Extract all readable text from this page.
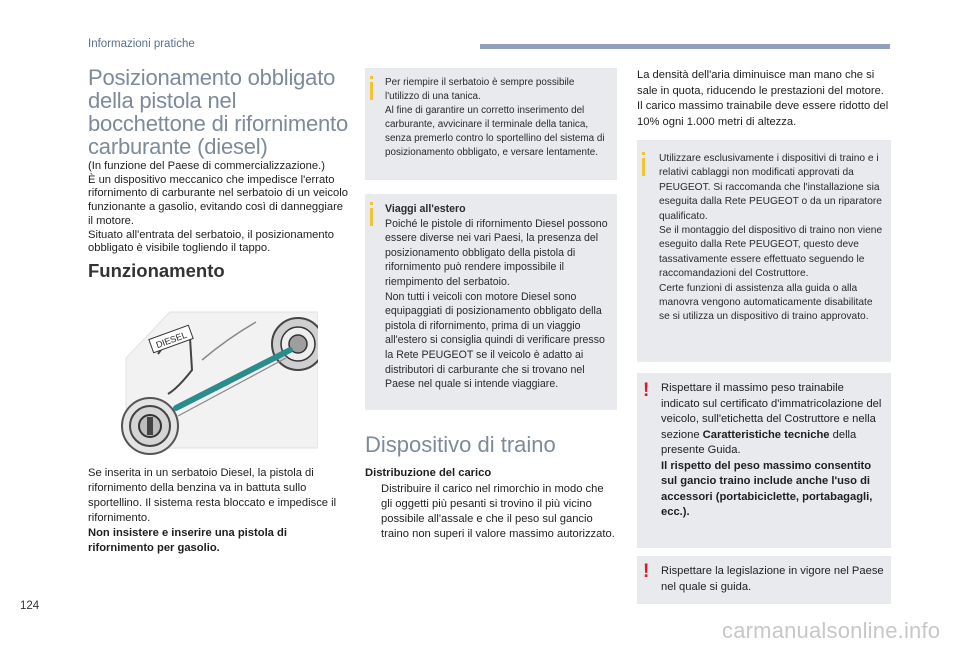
Informazioni pratiche
Posizionamento obbligato della pistola nel bocchettone di rifornimento carburante (diesel)

(In funzione del Paese di commercializzazione.)

È un dispositivo meccanico che impedisce l'errato rifornimento di carburante nel serbatoio di un veicolo funzionante a gasolio, evitando così di danneggiare il motore.

Situato all'entrata del serbatoio, il posizionamento obbligato è visibile togliendo il tappo.

Funzionamento
DIESEL

Se inserita in un serbatoio Diesel, la pistola di rifornimento della benzina va in battuta sullo sportellino. Il sistema resta bloccato e impedisce il rifornimento.

Non insistere e inserire una pistola di rifornimento per gasolio.

Per riempire il serbatoio è sempre possibile l'utilizzo di una tanica.

Al fine di garantire un corretto inserimento del carburante, avvicinare il terminale della tanica, senza premerlo contro lo sportellino del sistema di posizionamento obbligato, e versare lentamente.

Viaggi all'estero

Poiché le pistole di rifornimento Diesel possono essere diverse nei vari Paesi, la presenza del posizionamento obbligato della pistola di rifornimento può rendere impossibile il riempimento del serbatoio.

Non tutti i veicoli con motore Diesel sono equipaggiati di posizionamento obbligato della pistola di rifornimento, prima di un viaggio all'estero si consiglia quindi di verificare presso la Rete PEUGEOT se il veicolo è adatto ai distributori di carburante che si trovano nel Paese nel quale si intende viaggiare.

Dispositivo di traino
Distribuzione del carico
Distribuire il carico nel rimorchio in modo che gli oggetti più pesanti si trovino il più vicino possibile all'assale e che il peso sul gancio traino non superi il valore massimo autorizzato.
La densità dell'aria diminuisce man mano che si sale in quota, riducendo le prestazioni del motore. Il carico massimo trainabile deve essere ridotto del 10% ogni 1.000 metri di altezza.

Utilizzare esclusivamente i dispositivi di traino e i relativi cablaggi non modificati approvati da PEUGEOT. Si raccomanda che l'installazione sia eseguita dalla Rete PEUGEOT o da un riparatore qualificato.

Se il montaggio del dispositivo di traino non viene eseguito dalla Rete PEUGEOT, questo deve tassativamente essere effettuato seguendo le raccomandazioni del Costruttore.

Certe funzioni di assistenza alla guida o alla manovra vengono automaticamente disabilitate se si utilizza un dispositivo di traino approvato.

! Rispettare il massimo peso trainabile indicato sul certificato d'immatricolazione del veicolo, sull'etichetta del Costruttore e nella sezione Caratteristiche tecniche della presente Guida.

Il rispetto del peso massimo consentito sul gancio traino include anche l'uso di accessori (portabiciclette, portabagagli, ecc.).

! Rispettare la legislazione in vigore nel Paese nel quale si guida.
124
carmanualsonline.info
